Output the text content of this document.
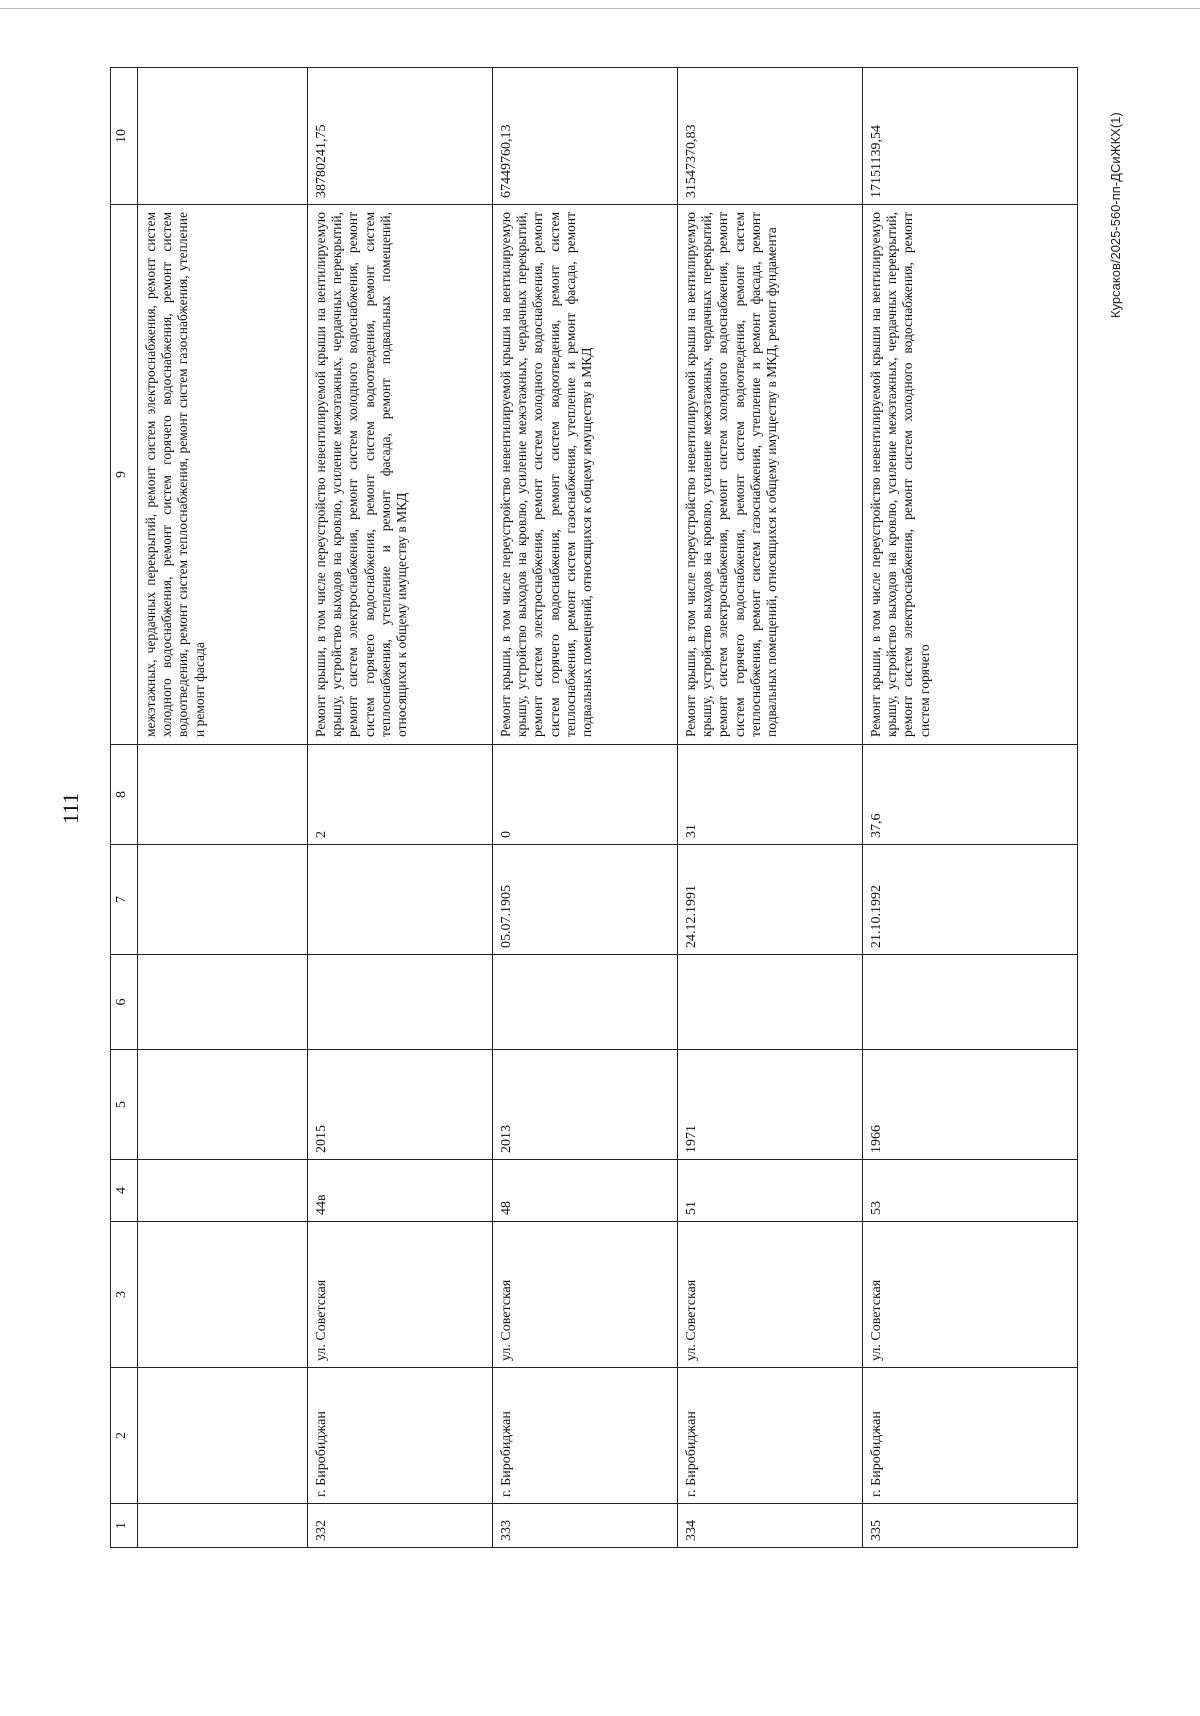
111
Курсаков/2025-560-пп-ДСиЖКХ(1)
1	2	3	4	5	6	7	8	9	10
								межэтажных, чердачных перекрытий, ремонт систем электроснабжения, ремонт систем холодного водоснабжения, ремонт систем горячего водоснабжения, ремонт систем водоотведения, ремонт систем теплоснабжения, ремонт систем газоснабжения, утепление и ремонт фасада	
332	г. Биробиджан	ул. Советская	44в	2015			2	Ремонт крыши, в том числе переустройство невентилируемой крыши на вентилируемую крышу, устройство выходов на кровлю, усиление межэтажных, чердачных перекрытий, ремонт систем электроснабжения, ремонт систем холодного водоснабжения, ремонт систем горячего водоснабжения, ремонт систем водоотведения, ремонт систем теплоснабжения, утепление и ремонт фасада, ремонт подвальных помещений, относящихся к общему имуществу в МКД	38780241,75
333	г. Биробиджан	ул. Советская	48	2013		05.07.1905	0	Ремонт крыши, в том числе переустройство невентилируемой крыши на вентилируемую крышу, устройство выходов на кровлю, усиление межэтажных, чердачных перекрытий, ремонт систем электроснабжения, ремонт систем холодного водоснабжения, ремонт систем горячего водоснабжения, ремонт систем водоотведения, ремонт систем теплоснабжения, ремонт систем газоснабжения, утепление и ремонт фасада, ремонт подвальных помещений, относящихся к общему имуществу в МКД	67449760,13
334	г. Биробиджан	ул. Советская	51	1971		24.12.1991	31	Ремонт крыши, в том числе переустройство невентилируемой крыши на вентилируемую крышу, устройство выходов на кровлю, усиление межэтажных, чердачных перекрытий, ремонт систем электроснабжения, ремонт систем холодного водоснабжения, ремонт систем горячего водоснабжения, ремонт систем водоотведения, ремонт систем теплоснабжения, ремонт систем газоснабжения, утепление и ремонт фасада, ремонт подвальных помещений, относящихся к общему имуществу в МКД, ремонт фундамента	31547370,83
335	г. Биробиджан	ул. Советская	53	1966		21.10.1992	37,6	Ремонт крыши, в том числе переустройство невентилируемой крыши на вентилируемую крышу, устройство выходов на кровлю, усиление межэтажных, чердачных перекрытий, ремонт систем электроснабжения, ремонт систем холодного водоснабжения, ремонт систем горячего	17151139,54
